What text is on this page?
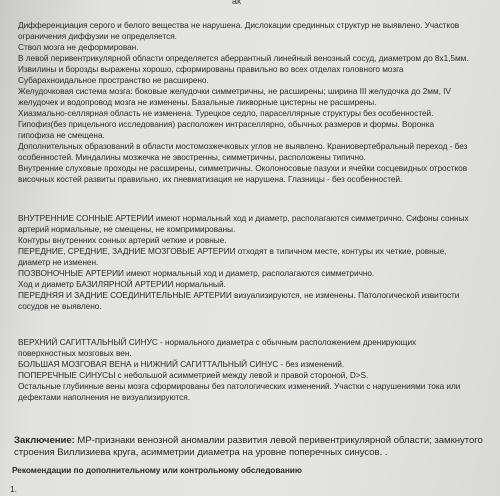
ак
Дифференциация серого и белого вещества не нарушена. Дислокации срединных структур не выявлено. Участков
ограничения диффузии не определяется.
Ствол мозга не деформирован.
В левой перивентрикулярной области определяется аберрантный линейный венозный сосуд, диаметром до 8х1,5мм.
Извилины и борозды выражены хорошо, сформированы правильно во всех отделах головного мозга
Субарахноидальное пространство не расширено.
Желудочковая система мозга: боковые желудочки симметричны, не расширены; ширина III желудочка до 2мм, IV
желудочек и водопровод мозга не изменены. Базальные ликворные цистерны не расширены.
Хиазмально-селлярная область не изменена. Турецкое седло, параселлярные структуры без особенностей.
Гипофиз(без прицельного исследования) расположен интраселлярно, обычных размеров и формы. Воронка
гипофиза не смещена.
Дополнительных образований в области мостомозжечковых углов не выявлено. Краниовертебральный переход - без
особенностей. Миндалины мозжечка не эвостренны, симметричны, расположены типично.
Внутренние слуховые проходы не расширены, симметричны. Околоносовые пазухи и ячейки сосцевидных отростков
височных костей развиты правильно, их пневматизация не нарушена. Глазницы - без особенностей.
ВНУТРЕННИЕ СОННЫЕ АРТЕРИИ имеют нормальный ход и диаметр, располагаются симметрично. Сифоны сонных
артерий нормальные, не смещены, не компримированы.
Контуры внутренних сонных артерий четкие и ровные.
ПЕРЕДНИЕ, СРЕДНИЕ, ЗАДНИЕ МОЗГОВЫЕ АРТЕРИИ отходят в типичном месте, контуры их четкие, ровные,
диаметр не изменен.
ПОЗВОНОЧНЫЕ АРТЕРИИ имеют нормальный ход и диаметр, располагаются симметрично.
Ход и диаметр БАЗИЛЯРНОЙ АРТЕРИИ нормальный.
ПЕРЕДНЯЯ И ЗАДНИЕ СОЕДИНИТЕЛЬНЫЕ АРТЕРИИ визуализируются, не изменены. Патологической извитости
сосудов не выявлено.
ВЕРХНИЙ САГИТТАЛЬНЫЙ СИНУС - нормального диаметра с обычным расположением дренирующих
поверхностных мозговых вен.
БОЛЬШАЯ МОЗГОВАЯ ВЕНА и НИЖНИЙ САГИТТАЛЬНЫЙ СИНУС - без изменений.
ПОПЕРЕЧНЫЕ СИНУСЫ с небольшой асимметрией между левой и правой стороной, D>S.
Остальные глубинные вены мозга сформированы без патологических изменений. Участки с нарушениями тока или
дефектами наполнения не визуализируются.
Заключение: МР-признаки венозной аномалии развития левой перивентрикулярной области; замкнутого
строения Виллизиева круга, асимметрии диаметра на уровне поперечных синусов. .
Рекомендации по дополнительному или контрольному обследованию
1.
